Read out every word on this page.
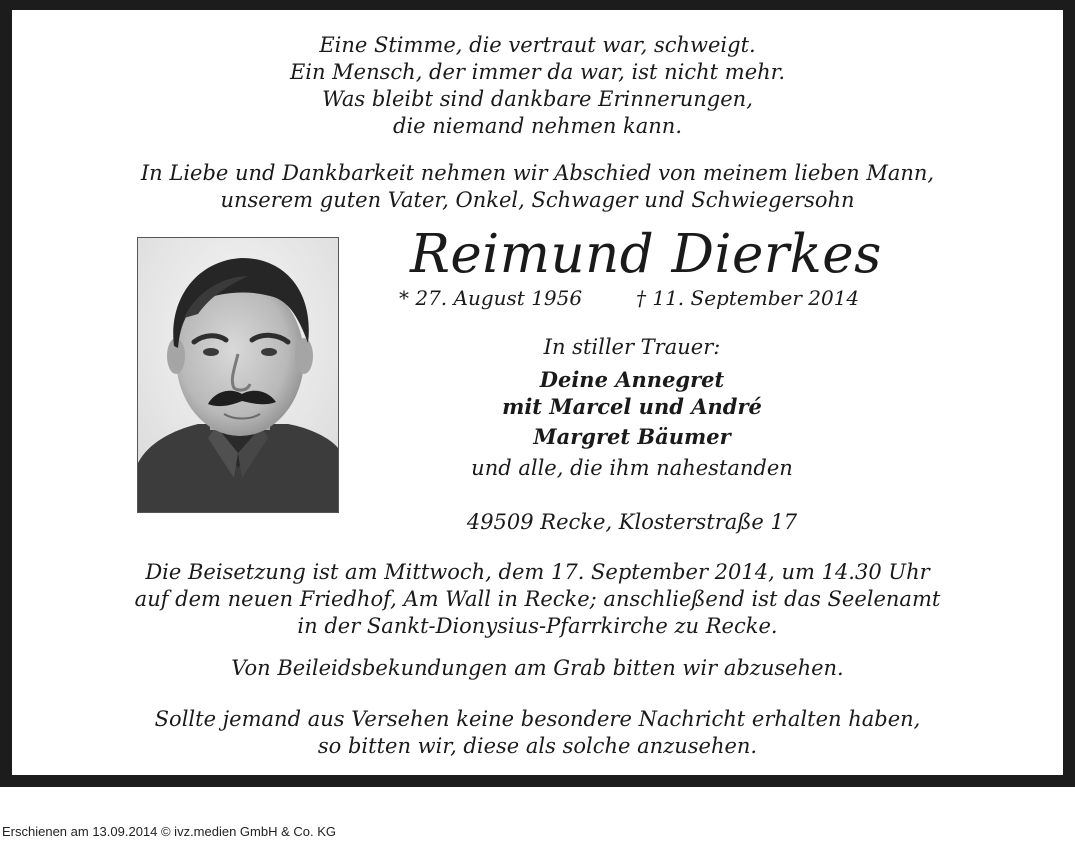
Eine Stimme, die vertraut war, schweigt.
Ein Mensch, der immer da war, ist nicht mehr.
Was bleibt sind dankbare Erinnerungen,
die niemand nehmen kann.
In Liebe und Dankbarkeit nehmen wir Abschied von meinem lieben Mann,
unserem guten Vater, Onkel, Schwager und Schwiegersohn
Reimund Dierkes
* 27. August 1956	† 11. September 2014
In stiller Trauer:
Deine Annegret
mit Marcel und André
Margret Bäumer
und alle, die ihm nahestanden
49509 Recke, Klosterstraße 17
Die Beisetzung ist am Mittwoch, dem 17. September 2014, um 14.30 Uhr
auf dem neuen Friedhof, Am Wall in Recke; anschließend ist das Seelenamt
in der Sankt-Dionysius-Pfarrkirche zu Recke.
Von Beileidsbekundungen am Grab bitten wir abzusehen.
Sollte jemand aus Versehen keine besondere Nachricht erhalten haben,
so bitten wir, diese als solche anzusehen.
Erschienen am 13.09.2014 © ivz.medien GmbH & Co. KG
